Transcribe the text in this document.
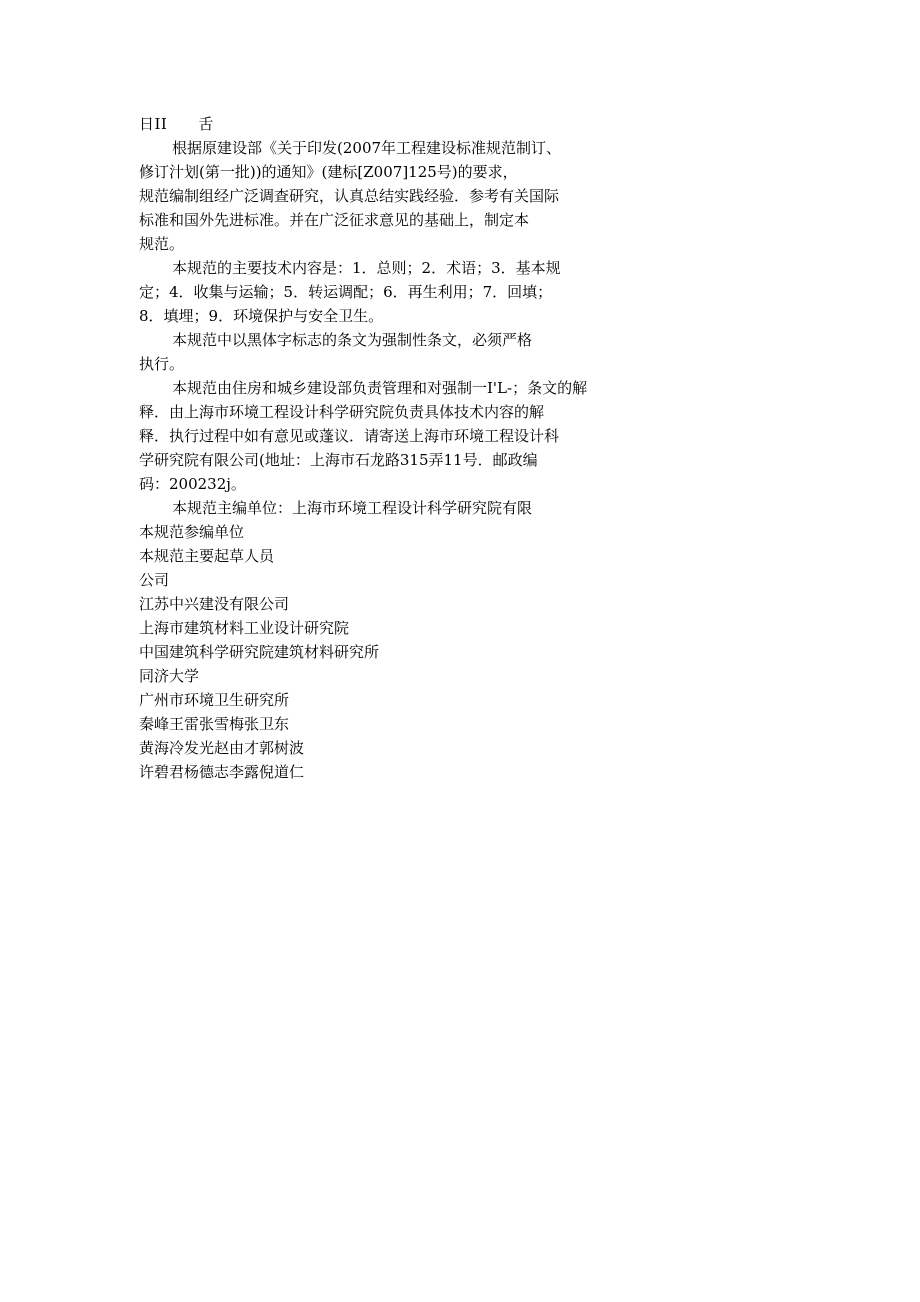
日II　　舌
根据原建设部《关于印发(2007年工程建设标准规范制订、
修订汁划(第一批))的通知》(建标[Z007]125号)的要求，
规范编制组经广泛调查研究，认真总结实践经验．参考有关国际
标准和国外先进标准。并在广泛征求意见的基础上，制定本
规范。
本规范的主要技术内容是：1．总则；2．术语；3．基本规
定；4．收集与运输；5．转运调配；6．再生利用；7．回填；
8．填埋；9．环境保护与安全卫生。
本规范中以黑体字标志的条文为强制性条文，必须严格
执行。
本规范由住房和城乡建设部负责管理和对强制一I'L-；条文的解
释．由上海市环境工程设计科学研究院负责具体技术内容的解
释．执行过程中如有意见或蓬议．请寄送上海市环境工程设计科
学研究院有限公司(地址：上海市石龙路315弄11号．邮政编
码：200232j。
本规范主编单位：上海市环境工程设计科学研究院有限
本规范参编单位
本规范主要起草人员
公司
江苏中兴建没有限公司
上海市建筑材料工业设计研究院
中国建筑科学研究院建筑材料研究所
同济大学
广州市环境卫生研究所
秦峰王雷张雪梅张卫东
黄海冷发光赵由才郭树波
许碧君杨德志李露倪道仁
